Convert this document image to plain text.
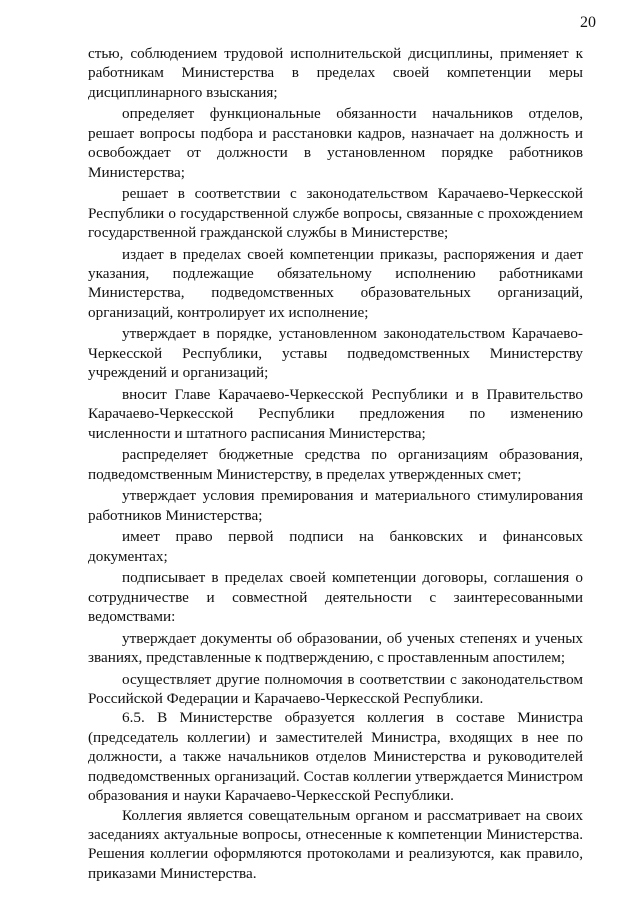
20

стью, соблюдением трудовой исполнительской дисциплины, применяет к работникам Министерства в пределах своей компетенции меры дисциплинарного взыскания;

определяет функциональные обязанности начальников отделов, решает вопросы подбора и расстановки кадров, назначает на должность и освобождает от должности в установленном порядке работников Министерства;

решает в соответствии с законодательством Карачаево-Черкесской Республики о государственной службе вопросы, связанные с прохождением государственной гражданской службы в Министерстве;

издает в пределах своей компетенции приказы, распоряжения и дает указания, подлежащие обязательному исполнению работниками Министерства, подведомственных образовательных организаций, организаций, контролирует их исполнение;

утверждает в порядке, установленном законодательством Карачаево-Черкесской Республики, уставы подведомственных Министерству учреждений и организаций;

вносит Главе Карачаево-Черкесской Республики и в Правительство Карачаево-Черкесской Республики предложения по изменению численности и штатного расписания Министерства;

распределяет бюджетные средства по организациям образования, подведомственным Министерству, в пределах утвержденных смет;

утверждает условия премирования и материального стимулирования работников Министерства;

имеет право первой подписи на банковских и финансовых документах;

подписывает в пределах своей компетенции договоры, соглашения о сотрудничестве и совместной деятельности с заинтересованными ведомствами:

утверждает документы об образовании, об ученых степенях и ученых званиях, представленные к подтверждению, с проставленным апостилем;

осуществляет другие полномочия в соответствии с законодательством Российской Федерации и Карачаево-Черкесской Республики.

6.5. В Министерстве образуется коллегия в составе Министра (председатель коллегии) и заместителей Министра, входящих в нее по должности, а также начальников отделов Министерства и руководителей подведомственных организаций. Состав коллегии утверждается Министром образования и науки Карачаево-Черкесской Республики.

Коллегия является совещательным органом и рассматривает на своих заседаниях актуальные вопросы, отнесенные к компетенции Министерства. Решения коллегии оформляются протоколами и реализуются, как правило, приказами Министерства.
